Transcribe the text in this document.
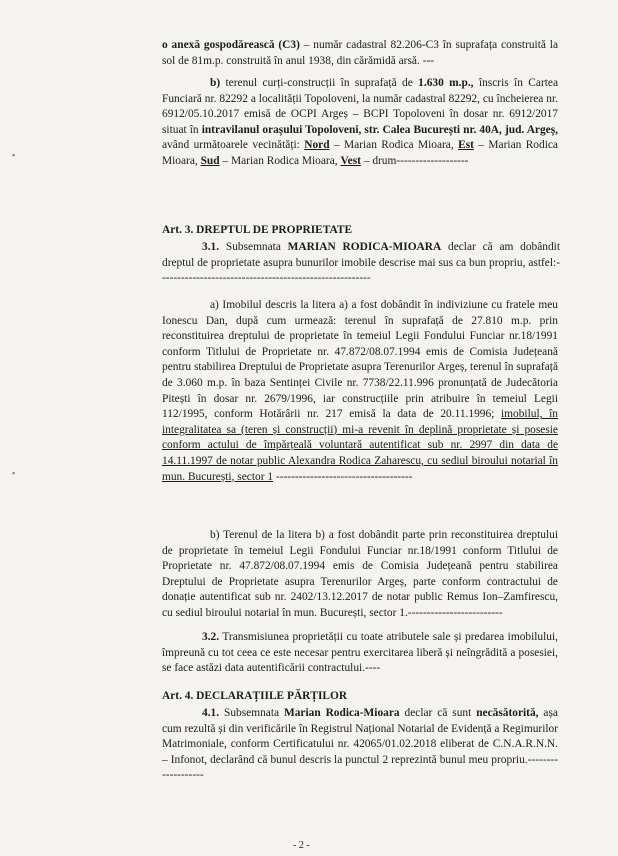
▪
▪
o anexă gospodărească (C3) – număr cadastral 82.206-C3 în suprafața construită la sol de 81m.p. construită în anul 1938, din cărămidă arsă. ---
b) terenul curți-construcții în suprafață de 1.630 m.p., înscris în Cartea Funciară nr. 82292 a localității Topoloveni, la număr cadastral 82292, cu încheierea nr. 6912/05.10.2017 emisă de OCPI Argeș – BCPI Topoloveni în dosar nr. 6912/2017 situat în intravilanul orașului Topoloveni, str. Calea București nr. 40A, jud. Argeș, având următoarele vecinătăți: Nord – Marian Rodica Mioara, Est – Marian Rodica Mioara, Sud – Marian Rodica Mioara, Vest – drum-------------------
Art. 3. DREPTUL DE PROPRIETATE
3.1. Subsemnata MARIAN RODICA-MIOARA declar că am dobândit dreptul de proprietate asupra bunurilor imobile descrise mai sus ca bun propriu, astfel:--------------------------------------------------------
a) Imobilul descris la litera a) a fost dobândit în indiviziune cu fratele meu Ionescu Dan, după cum urmează: terenul în suprafață de 27.810 m.p. prin reconstituirea dreptului de proprietate în temeiul Legii Fondului Funciar nr.18/1991 conform Titlului de Proprietate nr. 47.872/08.07.1994 emis de Comisia Județeană pentru stabilirea Dreptului de Proprietate asupra Terenurilor Argeș, terenul în suprafață de 3.060 m.p. în baza Sentinței Civile nr. 7738/22.11.996 pronunțată de Judecătoria Pitești în dosar nr. 2679/1996, iar construcțiile prin atribuire în temeiul Legii 112/1995, conform Hotărârii nr. 217 emisă la data de 20.11.1996; imobilul, în integralitatea sa (teren și construcții) mi-a revenit în deplină proprietate și posesie conform actului de împărțeală voluntară autentificat sub nr. 2997 din data de 14.11.1997 de notar public Alexandra Rodica Zaharescu, cu sediul biroului notarial în mun. București, sector 1 ------------------------------------
b) Terenul de la litera b) a fost dobândit parte prin reconstituirea dreptului de proprietate în temeiul Legii Fondului Funciar nr.18/1991 conform Titlului de Proprietate nr. 47.872/08.07.1994 emis de Comisia Județeană pentru stabilirea Dreptului de Proprietate asupra Terenurilor Argeș, parte conform contractului de donație autentificat sub nr. 2402/13.12.2017 de notar public Remus Ion–Zamfirescu, cu sediul biroului notarial în mun. București, sector 1.-------------------------
3.2. Transmisiunea proprietății cu toate atributele sale și predarea imobilului, împreună cu tot ceea ce este necesar pentru exercitarea liberă și neîngrădită a posesiei, se face astăzi data autentificării contractului.----
Art. 4. DECLARAȚIILE PĂRȚILOR
4.1. Subsemnata Marian Rodica-Mioara declar că sunt necăsătorită, așa cum rezultă și din verificările în Registrul Național Notarial de Evidență a Regimurilor Matrimoniale, conform Certificatului nr. 42065/01.02.2018 eliberat de C.N.A.R.N.N. – Infonot, declarând că bunul descris la punctul 2 reprezintă bunul meu propriu.-------------------
- 2 -
